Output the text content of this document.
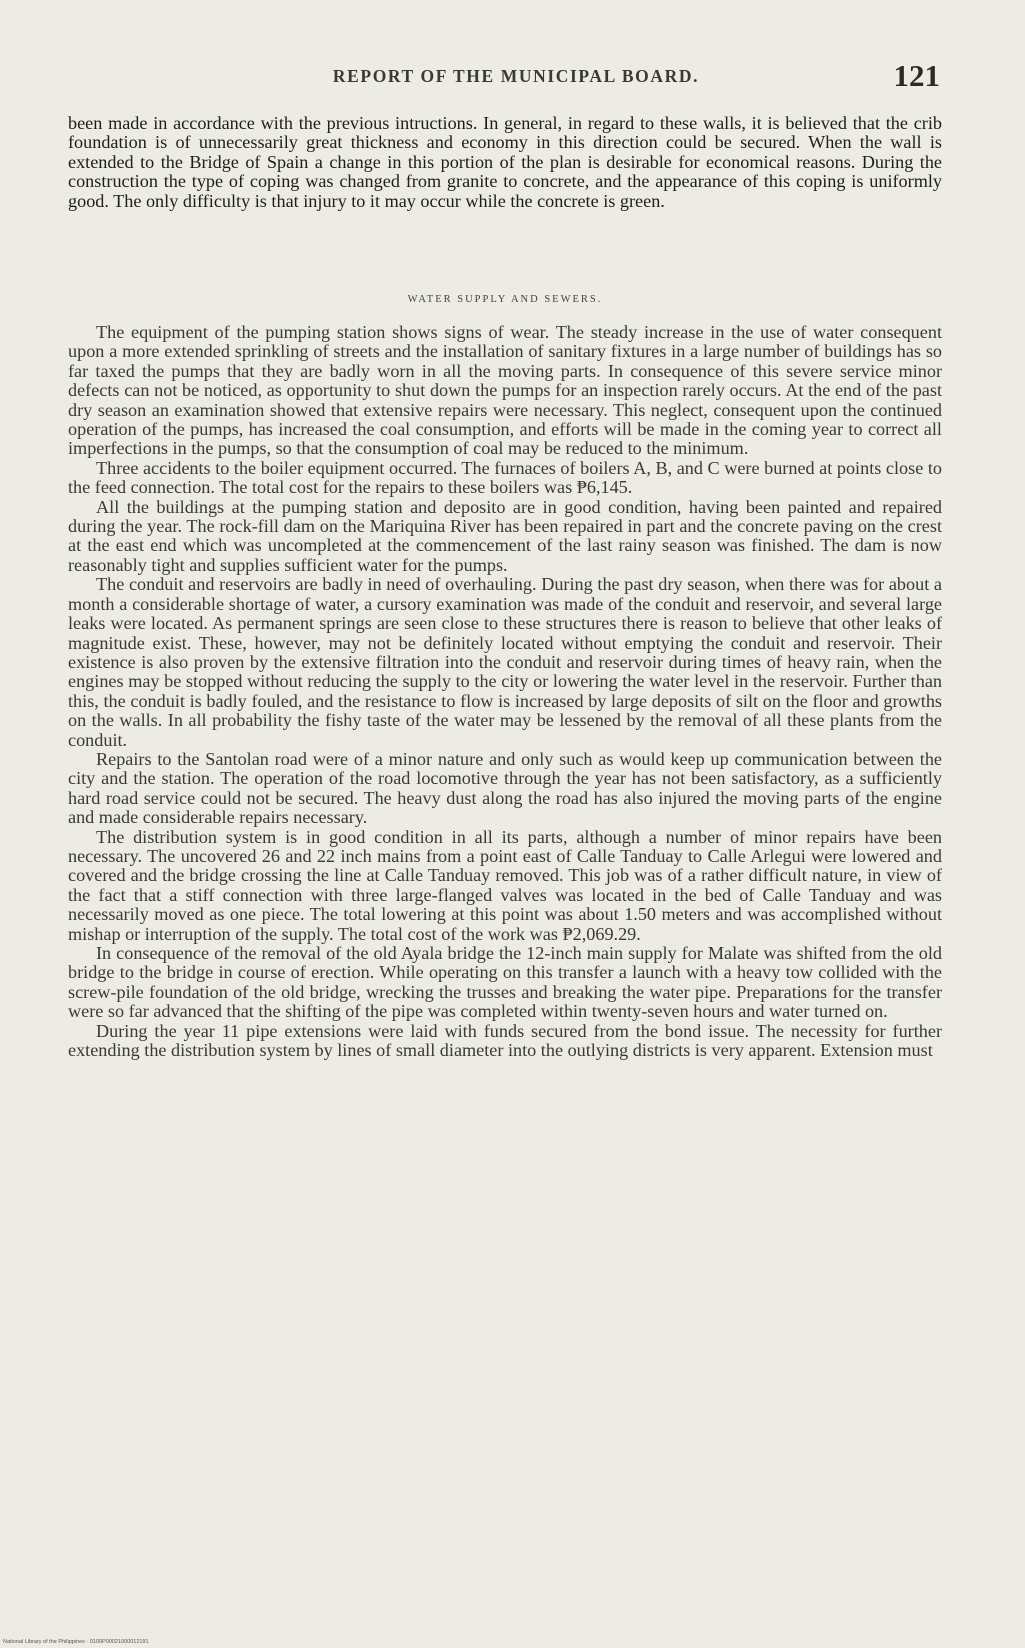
REPORT OF THE MUNICIPAL BOARD.	121

been made in accordance with the previous intructions. In general, in regard to these walls, it is believed that the crib foundation is of unnecessarily great thickness and economy in this direction could be secured. When the wall is extended to the Bridge of Spain a change in this portion of the plan is desirable for economical reasons. During the construction the type of coping was changed from granite to concrete, and the appearance of this coping is uniformly good. The only difficulty is that injury to it may occur while the concrete is green.

WATER SUPPLY AND SEWERS.

The equipment of the pumping station shows signs of wear. The steady increase in the use of water consequent upon a more extended sprinkling of streets and the installation of sanitary fixtures in a large number of buildings has so far taxed the pumps that they are badly worn in all the moving parts. In consequence of this severe service minor defects can not be noticed, as opportunity to shut down the pumps for an inspection rarely occurs. At the end of the past dry season an examination showed that extensive repairs were necessary. This neglect, consequent upon the continued operation of the pumps, has increased the coal consumption, and efforts will be made in the coming year to correct all imperfections in the pumps, so that the consumption of coal may be reduced to the minimum.

Three accidents to the boiler equipment occurred. The furnaces of boilers A, B, and C were burned at points close to the feed connection. The total cost for the repairs to these boilers was ₱6,145.

All the buildings at the pumping station and deposito are in good condition, having been painted and repaired during the year. The rock-fill dam on the Mariquina River has been repaired in part and the concrete paving on the crest at the east end which was uncompleted at the commencement of the last rainy season was finished. The dam is now reasonably tight and supplies sufficient water for the pumps.

The conduit and reservoirs are badly in need of overhauling. During the past dry season, when there was for about a month a considerable shortage of water, a cursory examination was made of the conduit and reservoir, and several large leaks were located. As permanent springs are seen close to these structures there is reason to believe that other leaks of magnitude exist. These, however, may not be definitely located without emptying the conduit and reservoir. Their existence is also proven by the extensive filtration into the conduit and reservoir during times of heavy rain, when the engines may be stopped without reducing the supply to the city or lowering the water level in the reservoir. Further than this, the conduit is badly fouled, and the resistance to flow is increased by large deposits of silt on the floor and growths on the walls. In all probability the fishy taste of the water may be lessened by the removal of all these plants from the conduit.

Repairs to the Santolan road were of a minor nature and only such as would keep up communication between the city and the station. The operation of the road locomotive through the year has not been satisfactory, as a sufficiently hard road service could not be secured. The heavy dust along the road has also injured the moving parts of the engine and made considerable repairs necessary.

The distribution system is in good condition in all its parts, although a number of minor repairs have been necessary. The uncovered 26 and 22 inch mains from a point east of Calle Tanduay to Calle Arlegui were lowered and covered and the bridge crossing the line at Calle Tanduay removed. This job was of a rather difficult nature, in view of the fact that a stiff connection with three large-flanged valves was located in the bed of Calle Tanduay and was necessarily moved as one piece. The total lowering at this point was about 1.50 meters and was accomplished without mishap or interruption of the supply. The total cost of the work was ₱2,069.29.

In consequence of the removal of the old Ayala bridge the 12-inch main supply for Malate was shifted from the old bridge to the bridge in course of erection. While operating on this transfer a launch with a heavy tow collided with the screw-pile foundation of the old bridge, wrecking the trusses and breaking the water pipe. Preparations for the transfer were so far advanced that the shifting of the pipe was completed within twenty-seven hours and water turned on.

During the year 11 pipe extensions were laid with funds secured from the bond issue. The necessity for further extending the distribution system by lines of small diameter into the outlying districts is very apparent. Extension must

National Library of the Philippines · 0100P00021000012191
